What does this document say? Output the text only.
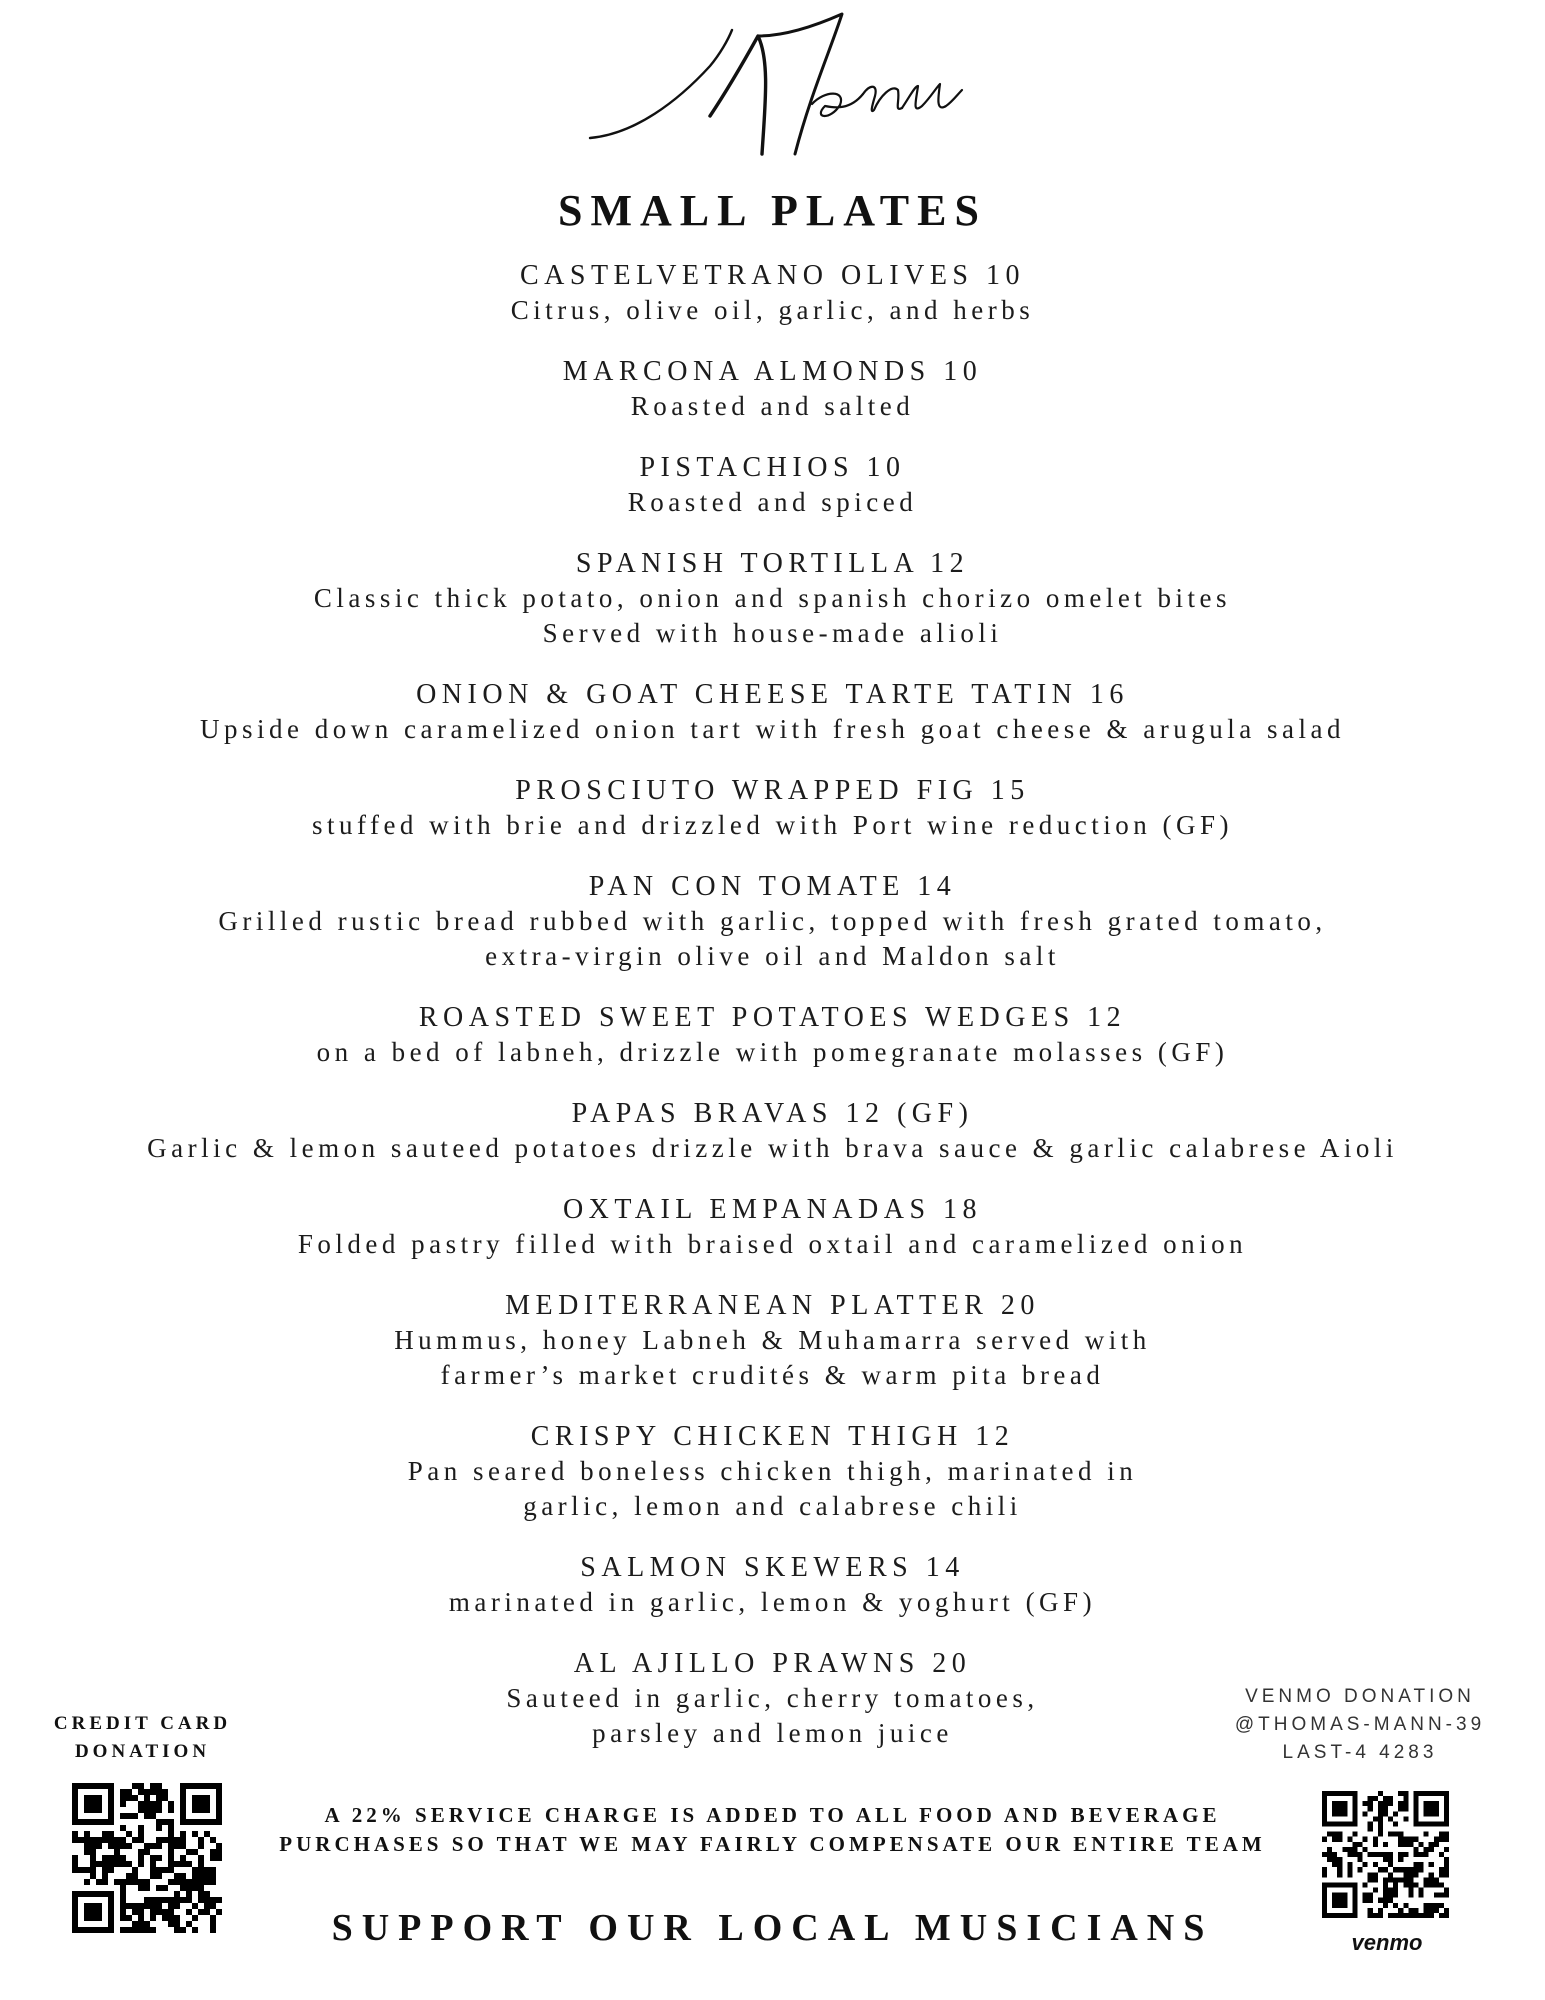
SMALL PLATES
CASTELVETRANO OLIVES 10
Citrus, olive oil, garlic, and herbs
MARCONA ALMONDS 10
Roasted and salted
PISTACHIOS 10
Roasted and spiced
SPANISH TORTILLA 12
Classic thick potato, onion and spanish chorizo omelet bites
Served with house-made alioli
ONION & GOAT CHEESE TARTE TATIN 16
Upside down caramelized onion tart with fresh goat cheese & arugula salad
PROSCIUTO WRAPPED FIG 15
stuffed with brie and drizzled with Port wine reduction (GF)
PAN CON TOMATE 14
Grilled rustic bread rubbed with garlic, topped with fresh grated tomato,
extra-virgin olive oil and Maldon salt
ROASTED SWEET POTATOES WEDGES 12
on a bed of labneh, drizzle with pomegranate molasses (GF)
PAPAS BRAVAS 12 (GF)
Garlic & lemon sauteed potatoes drizzle with brava sauce & garlic calabrese Aioli
OXTAIL EMPANADAS 18
Folded pastry filled with braised oxtail and caramelized onion
MEDITERRANEAN PLATTER 20
Hummus, honey Labneh & Muhamarra served with
farmer’s market crudités & warm pita bread
CRISPY CHICKEN THIGH 12
Pan seared boneless chicken thigh, marinated in
garlic, lemon and calabrese chili
SALMON SKEWERS 14
marinated in garlic, lemon & yoghurt (GF)
AL AJILLO PRAWNS 20
Sauteed in garlic, cherry tomatoes,
parsley and lemon juice
CREDIT CARD
DONATION
VENMO DONATION
@THOMAS-MANN-39
LAST-4 4283
venmo
A 22% SERVICE CHARGE IS ADDED TO ALL FOOD AND BEVERAGE
PURCHASES SO THAT WE MAY FAIRLY COMPENSATE OUR ENTIRE TEAM
SUPPORT OUR LOCAL MUSICIANS
